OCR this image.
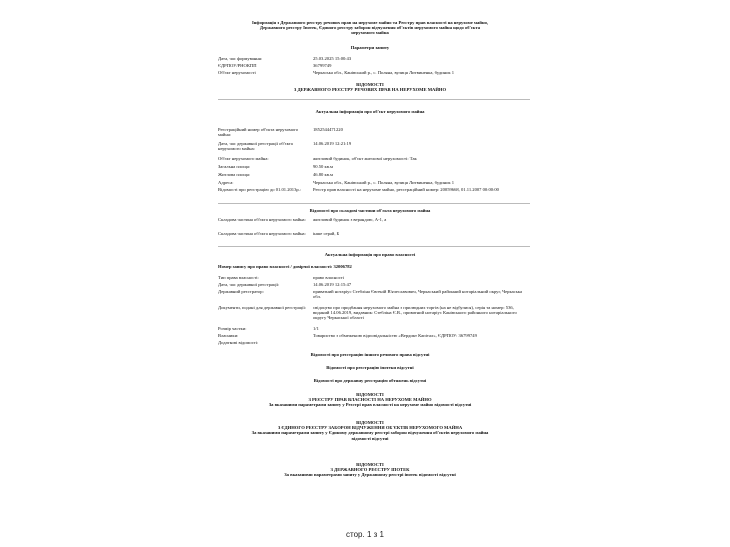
Інформація з Державного реєстру речових прав на нерухоме майно та Реєстру прав власності на нерухоме майно,
Державного реєстру Іпотек, Єдиного реєстру заборон відчуження об'єктів нерухомого майна щодо об'єкта
нерухомого майна
Параметри запиту
Дата, час формування:	25.03.2025 15:00:43
ЄДРПОУ/РНОКПП	36799749
Об'єкт нерухомості	Черкаська обл., Канівський р., с. Поляна, вулиця Литвиненка, будинок 1
ВІДОМОСТІ
З ДЕРЖАВНОГО РЕЄСТРУ РЕЧОВИХ ПРАВ НА НЕРУХОМЕ МАЙНО
Актуальна інформація про об'єкт нерухомого майна
Реєстраційний номер об'єкта нерухомого майна:
1852544471220
Дата, час державної реєстрації об'єкта нерухомого майна:
14.06.2019 12:21:19
Об'єкт нерухомого майна:	житловий будинок, об'єкт житлової нерухомості: Так
Загальна площа:	90.50 кв.м
Житлова площа:	46.80 кв.м
Адреса:	Черкаська обл., Канівський р., с. Поляна, вулиця Литвиненка, будинок 1
Відомості про реєстрацію до 01.01.2013р.:	Реєстр прав власності на нерухоме майно, реєстраційний номер: 20059668, 01.11.2007 00:00:00
Відомості про складові частини об'єкта нерухомого майна
Складова частина об'єкта нерухомого майна:	житловий будинок з верандою, А-1, а
Складова частина об'єкта нерухомого майна:	інше серай, Б
Актуальна інформація про право власності
Номер запису про право власності / довірчої власності: 32006782
Тип права власності:	право власності
Дата, час державної реєстрації:	14.06.2019 12:15:47
Державний реєстратор:	приватний нотаріус Стебліна Євгеній В'ячеславович, Черкаський районний нотаріальний округ, Черкаська обл.
Документи, подані для державної реєстрації:	свідоцтво про придбання нерухомого майна з прилюдних торгів (на не відбулися), серія та номер: 536, виданий 14.06.2019, видавник: Стебліна Є.В., приватний нотаріус Канівського районного нотаріального округу Черкаської області
Розмір частки:	1/1
Власники:	Товариство з обмеженою відповідальністю «Вердикт Капітал», ЄДРПОУ: 36799749
Додаткові відомості:
Відомості про реєстрацію іншого речового права відсутні
Відомості про реєстрацію іпотеки відсутні
Відомості про державну реєстрацію обтяжень відсутні
ВІДОМОСТІ
З РЕЄСТРУ ПРАВ ВЛАСНОСТІ НА НЕРУХОМЕ МАЙНО
За вказаними параметрами запиту у Реєстрі прав власності на нерухоме майно відомості відсутні
ВІДОМОСТІ
З ЄДИНОГО РЕЄСТРУ ЗАБОРОН ВІДЧУЖЕННЯ ОБ'ЄКТІВ НЕРУХОМОГО МАЙНА
За вказаними параметрами запиту у Єдиному державному реєстрі заборон відчуження об'єктів нерухомого майна
відомості відсутні
ВІДОМОСТІ
З ДЕРЖАВНОГО РЕЄСТРУ ІПОТЕК
За вказаними параметрами запиту у Державному реєстрі іпотек відомості відсутні
стор. 1 з 1
